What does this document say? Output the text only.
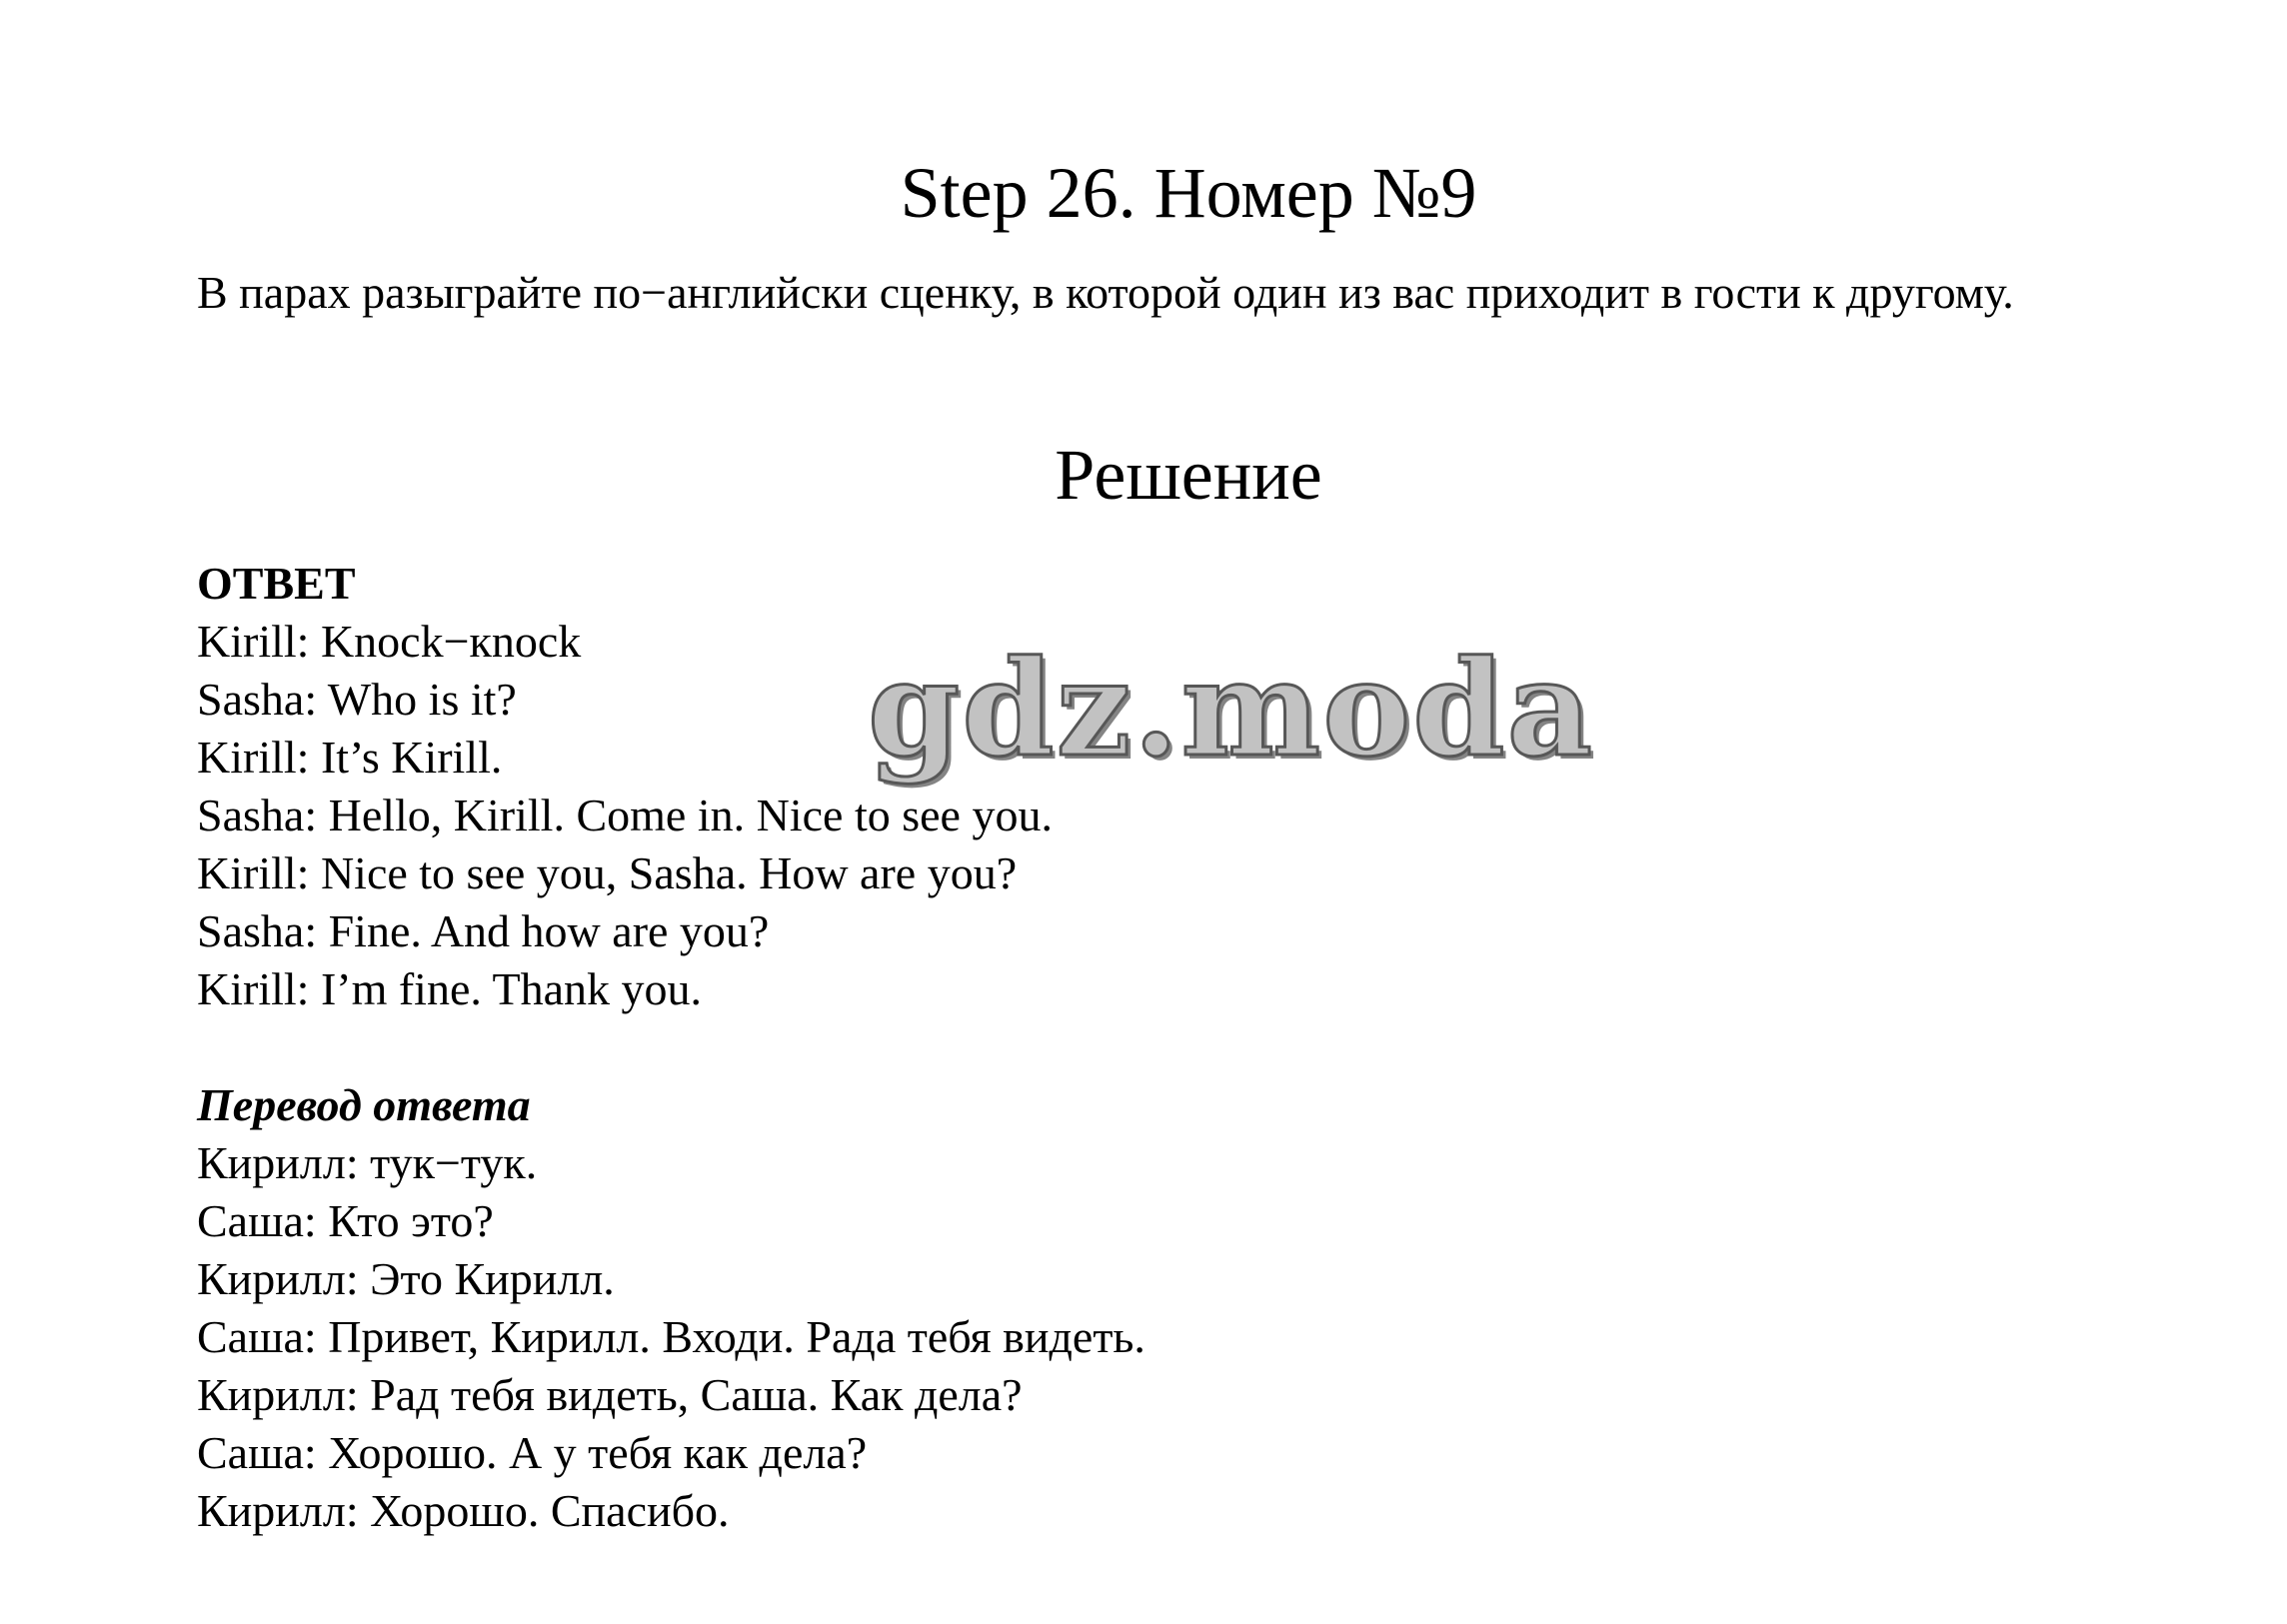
Step 26. Номер №9

В парах разыграйте по−английски сценку, в которой один из вас приходит в гости к другому.

Решение
ОТВЕТ
Kirill: Knock−кnock
Sasha: Who is it?
Kirill: It’s Kirill.
Sasha: Hello, Kirill. Come in. Nice to see you.
Kirill: Nice to see you, Sasha. How are you?
Sasha: Fine. And how are you?
Kirill: I’m fine. Thank you.
Перевод ответа
Кирилл: тук−тук.
Саша: Кто это?
Кирилл: Это Кирилл.
Саша: Привет, Кирилл. Входи. Рада тебя видеть.
Кирилл: Рад тебя видеть, Саша. Как дела?
Саша: Хорошо. А у тебя как дела?
Кирилл: Хорошо. Спасибо.
gdz.moda
